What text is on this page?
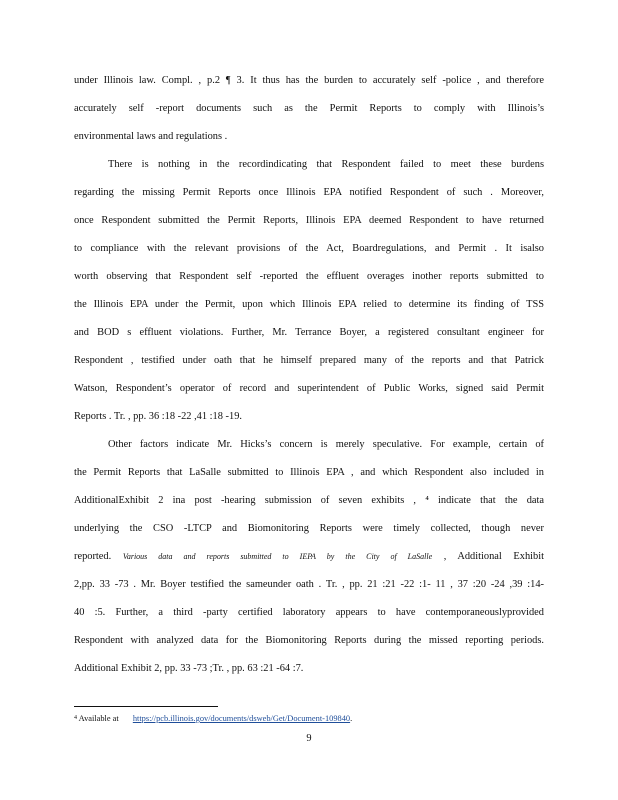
under Illinois law. Compl. , p.2 ¶ 3. It thus has the burden to accurately self -police , and therefore
accurately self -report documents such as the Permit Reports to comply with Illinois’s
environmental laws and regulations .
There is nothing in the recordindicating that Respondent failed to meet these burdens
regarding the missing Permit Reports once Illinois EPA notified Respondent of such . Moreover,
once Respondent submitted the Permit Reports, Illinois EPA deemed Respondent to have returned
to compliance with the relevant provisions of the Act, Boardregulations, and Permit . It isalso
worth observing that Respondent self -reported the effluent overages inother reports submitted to
the Illinois EPA under the Permit, upon which Illinois EPA relied to determine its finding of TSS
and BOD s effluent violations. Further, Mr. Terrance Boyer, a registered consultant engineer for
Respondent , testified under oath that he himself prepared many of the reports and that Patrick
Watson, Respondent’s operator of record and superintendent of Public Works, signed said Permit
Reports . Tr. , pp. 36 :18 -22 ,41 :18 -19.
Other factors indicate Mr. Hicks’s concern is merely speculative. For example, certain of
the Permit Reports that LaSalle submitted to Illinois EPA , and which Respondent also included in
AdditionalExhibit 2 ina post -hearing submission of seven exhibits , ⁴ indicate that the data
underlying the CSO -LTCP and Biomonitoring Reports were timely collected, though never
reported. Various data and reports submitted to IEPA by the City of LaSalle , Additional Exhibit
2,pp. 33 -73 . Mr. Boyer testified the sameunder oath . Tr. , pp. 21 :21 -22 :1- 11 , 37 :20 -24 ,39 :14-
40 :5. Further, a third -party certified laboratory appears to have contemporaneouslyprovided
Respondent with analyzed data for the Biomonitoring Reports during the missed reporting periods.
Additional Exhibit 2, pp. 33 -73 ;Tr. , pp. 63 :21 -64 :7.
$^4$ Available at https://pcb.illinois.gov/documents/dsweb/Get/Document-109840.
9
